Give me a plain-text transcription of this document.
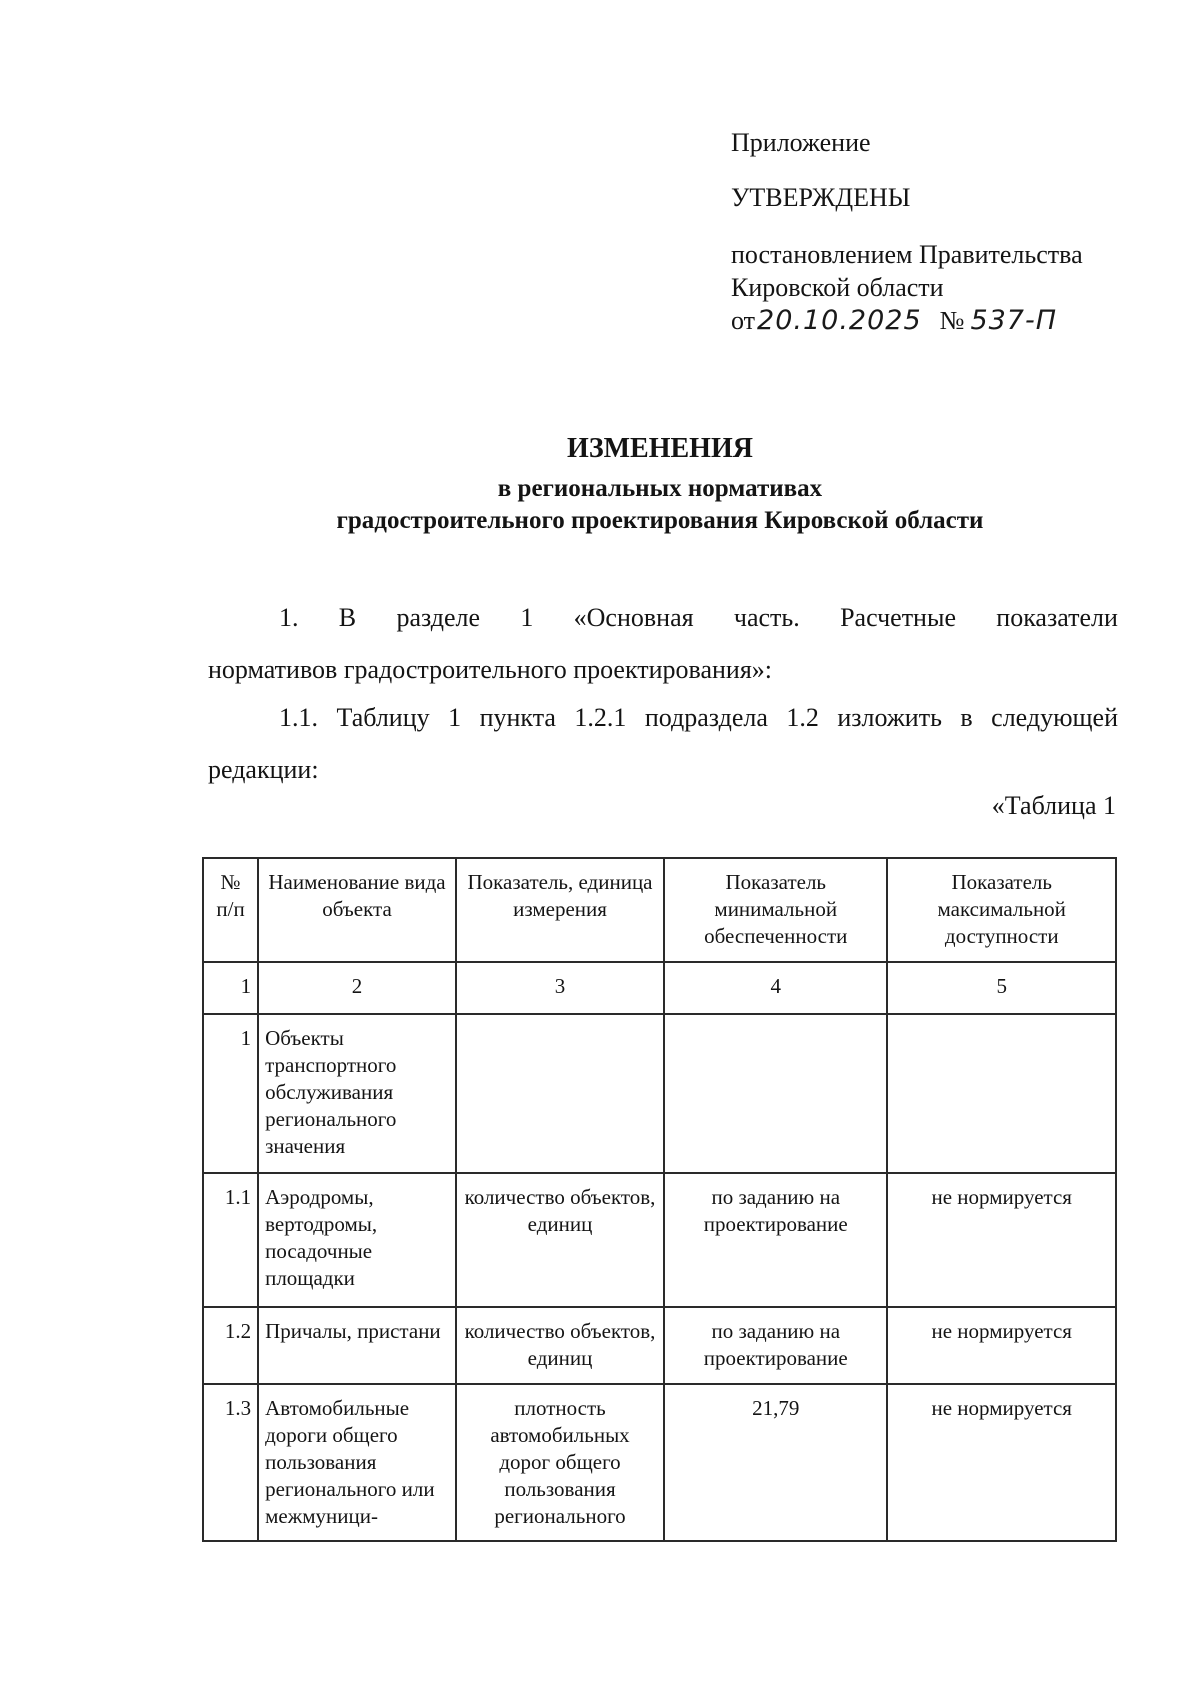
Приложение
УТВЕРЖДЕНЫ
постановлением Правительства
Кировской области
от 20.10.2025 № 537-П
ИЗМЕНЕНИЯ
в региональных нормативах
градостроительного проектирования Кировской области
1. В разделе 1 «Основная часть. Расчетные показатели
нормативов градостроительного проектирования»:
1.1. Таблицу 1 пункта 1.2.1 подраздела 1.2 изложить в следующей
редакции:
«Таблица 1
№ п/п	Наименование вида объекта	Показатель, единица измерения	Показатель минимальной обеспеченности	Показатель максимальной доступности
1	2	3	4	5
1	Объекты транспортного обслуживания регионального значения			
1.1	Аэродромы, вертодромы, посадочные площадки	количество объектов, единиц	по заданию на проектирование	не нормируется
1.2	Причалы, пристани	количество объектов, единиц	по заданию на проектирование	не нормируется
1.3	Автомобильные дороги общего пользования регионального или межмуници-	плотность автомобильных дорог общего пользования регионального	21,79	не нормируется
